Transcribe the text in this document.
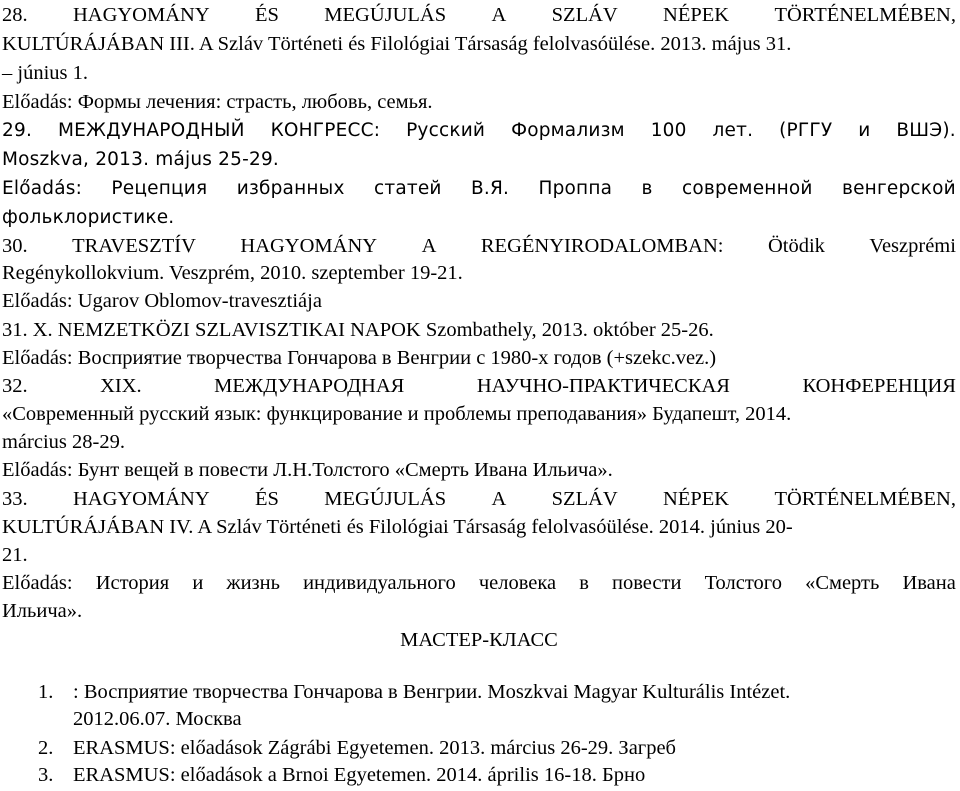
28. HAGYOMÁNY ÉS MEGÚJULÁS A SZLÁV NÉPEK TÖRTÉNELMÉBEN,
KULTÚRÁJÁBAN III. A Szláv Történeti és Filológiai Társaság felolvasóülése. 2013. május 31.
– június 1.
Előadás: Формы лечения: страсть, любовь, семья.
29. МЕЖДУНАРОДНЫЙ КОНГРЕСС: Русский Формализм 100 лет. (РГГУ и ВШЭ).
Moszkva, 2013. május 25-29.
Előadás: Рецепция избранных статей В.Я. Проппа в современной венгерской
фольклористике.
30. TRAVESZTÍV HAGYOMÁNY A REGÉNYIRODALOMBAN: Ötödik Veszprémi
Regénykollokvium. Veszprém, 2010. szeptember 19-21.
Előadás: Ugarov Oblomov-travesztiája
31. X. NEMZETKÖZI SZLAVISZTIKAI NAPOK Szombathely, 2013. október 25-26.
Előadás: Восприятие творчества Гончарова в Венгрии с 1980-х годов (+szekc.vez.)
32.	XIX.	МЕЖДУНАРОДНАЯ	НАУЧНО-ПРАКТИЧЕСКАЯ	КОНФЕРЕНЦИЯ
«Современный русский язык: функцирование и проблемы преподавания» Будапешт, 2014.
március 28-29.
Előadás: Бунт вещей в повести Л.Н.Толстого «Смерть Ивана Ильича».
33. HAGYOMÁNY ÉS MEGÚJULÁS A SZLÁV NÉPEK TÖRTÉNELMÉBEN,
KULTÚRÁJÁBAN IV. A Szláv Történeti és Filológiai Társaság felolvasóülése. 2014. június 20-
21.
Előadás: История и жизнь индивидуального человека в повести Толстого «Смерть Ивана
Ильича».
МАСТЕР-КЛАСС
1. : Восприятие творчества Гончарова в Венгрии. Moszkvai Magyar Kulturális Intézet.
2012.06.07. Москва
2. ERASMUS: előadások Zágrábi Egyetemen. 2013. március 26-29. Загреб
3. ERASMUS: előadások a Brnoi Egyetemen. 2014. április 16-18. Брно
